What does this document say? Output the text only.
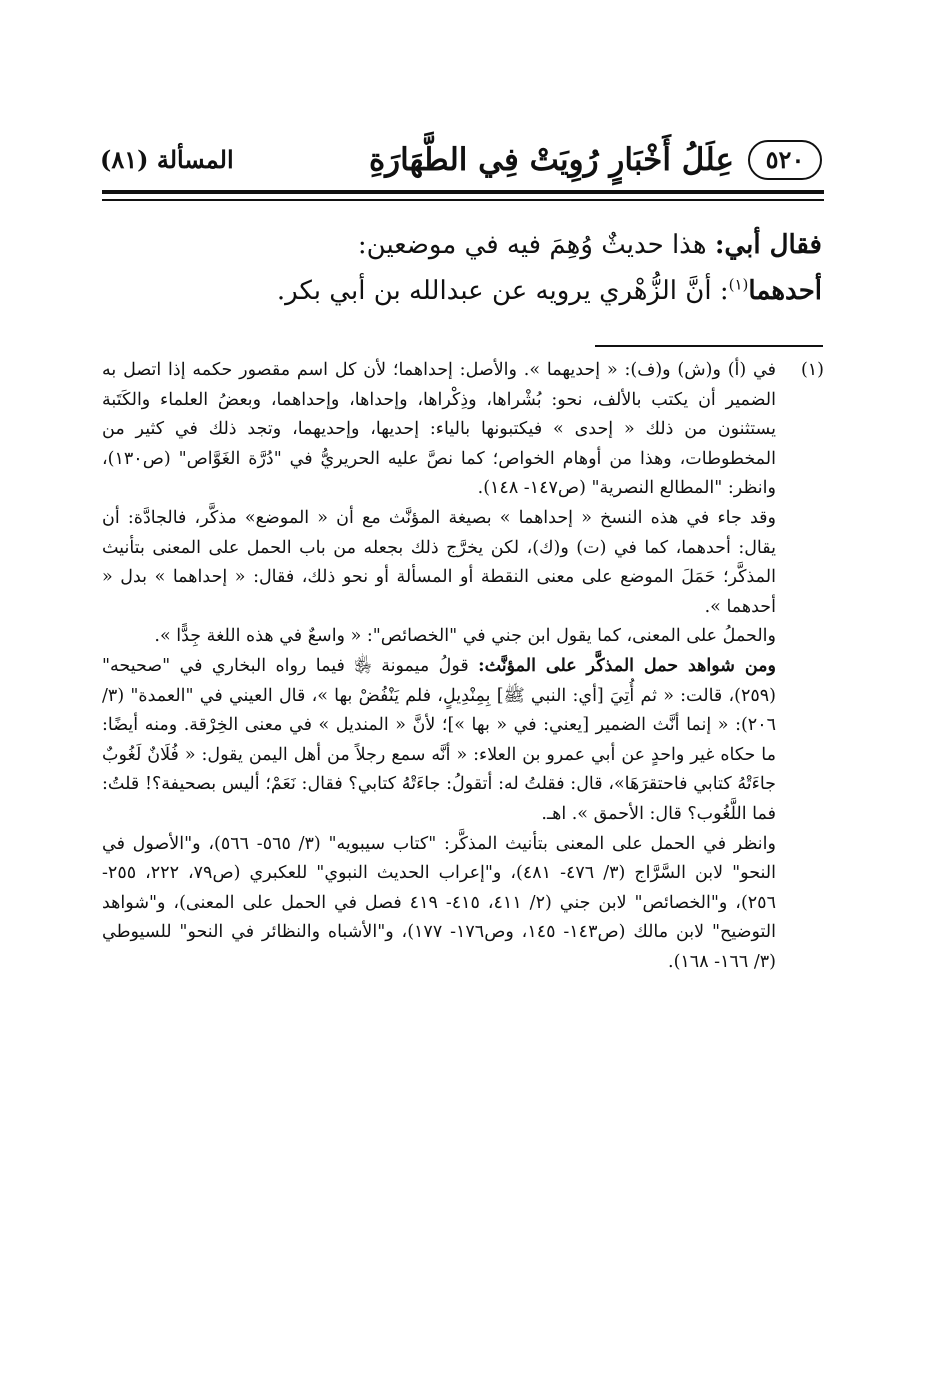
٥٢٠
عِلَلُ أَخْبَارٍ رُوِيَتْ فِي الطَّهَارَةِ
المسألة (٨١)

فقال أبي: هذا حديثٌ وُهِمَ فيه في موضعين:

أحدهما$^{(١)}$: أنَّ الزُّهْري يرويه عن عبدالله بن أبي بكر.

(١)

في (أ) و(ش) و(ف): « إحديهما ». والأصل: إحداهما؛ لأن كل اسم مقصور حكمه إذا اتصل به الضمير أن يكتب بالألف، نحو: بُشْراها، وذِكْراها، وإحداها، وإحداهما، وبعضُ العلماء والكَتَبة يستثنون من ذلك « إحدى » فيكتبونها بالياء: إحديها، وإحديهما، وتجد ذلك في كثير من المخطوطات، وهذا من أوهام الخواص؛ كما نصَّ عليه الحريريُّ في "دُرَّة الغَوَّاص" (ص١٣٠)، وانظر: "المطالع النصرية" (ص١٤٧- ١٤٨).

وقد جاء في هذه النسخ « إحداهما » بصيغة المؤنَّث مع أن « الموضع» مذكَّر، فالجادَّة: أن يقال: أحدهما، كما في (ت) و(ك)، لكن يخرَّج ذلك بجعله من باب الحمل على المعنى بتأنيث المذكَّر؛ حَمَلَ الموضع على معنى النقطة أو المسألة أو نحو ذلك، فقال: « إحداهما » بدل « أحدهما ».

والحملُ على المعنى، كما يقول ابن جني في "الخصائص": « واسعٌ في هذه اللغة جِدًّا ».

ومن شواهد حمل المذكَّر على المؤنَّث: قولُ ميمونة ﵂ فيما رواه البخاري في "صحيحه" (٢٥٩)، قالت: « ثم أُتِيَ [أي: النبي ﷺ] بِمِنْدِيلٍ، فلم يَنْفُضْ بها »، قال العيني في "العمدة" (٣/ ٢٠٦): « إنما أنَّث الضمير [يعني: في « بها »]؛ لأنَّ « المنديل » في معنى الخِرْقة. ومنه أيضًا: ما حكاه غير واحدٍ عن أبي عمرو بن العلاء: « أنَّه سمع رجلاً من أهل اليمن يقول: « فُلَانٌ لَغُوبٌ جاءَتْهُ كتابي فاحتقرَهَا»، قال: فقلتُ له: أتقولُ: جاءَتْهُ كتابي؟ فقال: نَعَمْ؛ أليس بصحيفة؟! قلتُ: فما اللَّغُوب؟ قال: الأحمق ». اهـ.

وانظر في الحمل على المعنى بتأنيث المذكَّر: "كتاب سيبويه" (٣/ ٥٦٥- ٥٦٦)، و"الأصول في النحو" لابن السَّرَّاج (٣/ ٤٧٦- ٤٨١)، و"إعراب الحديث النبوي" للعكبري (ص٧٩، ٢٢٢، ٢٥٥- ٢٥٦)، و"الخصائص" لابن جني (٢/ ٤١١، ٤١٥- ٤١٩ فصل في الحمل على المعنى)، و"شواهد التوضيح" لابن مالك (ص١٤٣- ١٤٥، وص١٧٦- ١٧٧)، و"الأشباه والنظائر في النحو" للسيوطي (٣/ ١٦٦- ١٦٨).
